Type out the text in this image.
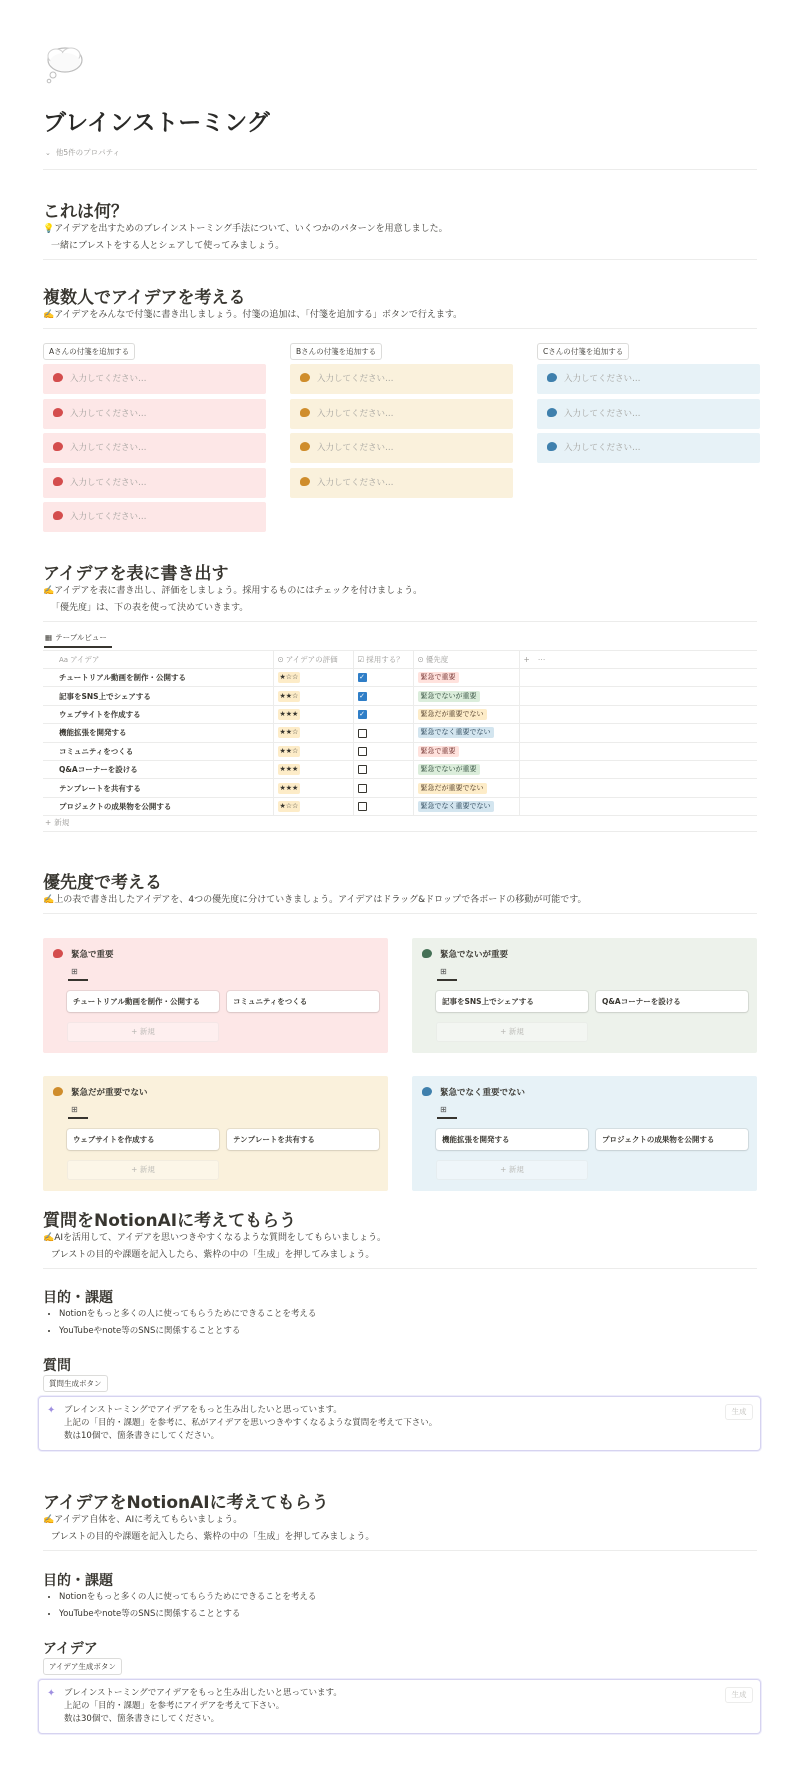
ブレインストーミング
⌄ 他5件のプロパティ
これは何？
💡アイデアを出すためのブレインストーミング手法について、いくつかのパターンを用意しました。
一緒にブレストをする人とシェアして使ってみましょう。
複数人でアイデアを考える
✍️アイデアをみんなで付箋に書き出しましょう。付箋の追加は、「付箋を追加する」ボタンで行えます。
Aさんの付箋を追加する	Bさんの付箋を追加する	Cさんの付箋を追加する
入力してください…
入力してください…
入力してください…
入力してください…
入力してください…
入力してください…
入力してください…
入力してください…
入力してください…
入力してください…
入力してください…
入力してください…
アイデアを表に書き出す
✍️アイデアを表に書き出し、評価をしましょう。採用するものにはチェックを付けましょう。
「優先度」は、下の表を使って決めていきます。
▦ テーブルビュー
Aa アイデア	⊙ アイデアの評価	☑ 採用する？	⊙ 優先度	+ ⋯
チュートリアル動画を制作・公開する	★☆☆	✓	緊急で重要	
記事をSNS上でシェアする	★★☆	✓	緊急でないが重要	
ウェブサイトを作成する	★★★	✓	緊急だが重要でない	
機能拡張を開発する	★★☆		緊急でなく重要でない	
コミュニティをつくる	★★☆		緊急で重要	
Q&Aコーナーを設ける	★★★		緊急でないが重要	
テンプレートを共有する	★★★		緊急だが重要でない	
プロジェクトの成果物を公開する	★☆☆		緊急でなく重要でない	
+ 新規
優先度で考える
✍️上の表で書き出したアイデアを、4つの優先度に分けていきましょう。アイデアはドラッグ&ドロップで各ボードの移動が可能です。
緊急で重要
⊞
チュートリアル動画を制作・公開する	コミュニティをつくる
+ 新規
緊急でないが重要
⊞
記事をSNS上でシェアする	Q&Aコーナーを設ける
+ 新規
緊急だが重要でない
⊞
ウェブサイトを作成する	テンプレートを共有する
+ 新規
緊急でなく重要でない
⊞
機能拡張を開発する	プロジェクトの成果物を公開する
+ 新規
質問をNotionAIに考えてもらう
✍️AIを活用して、アイデアを思いつきやすくなるような質問をしてもらいましょう。
ブレストの目的や課題を記入したら、紫枠の中の「生成」を押してみましょう。
目的・課題
• Notionをもっと多くの人に使ってもらうためにできることを考える
• YouTubeやnote等のSNSに関係することとする
質問
質問生成ボタン
✦ ブレインストーミングでアイデアをもっと生み出したいと思っています。
上記の「目的・課題」を参考に、私がアイデアを思いつきやすくなるような質問を考えて下さい。
数は10個で、箇条書きにしてください。
生成
アイデアをNotionAIに考えてもらう
✍️アイデア自体を、AIに考えてもらいましょう。
ブレストの目的や課題を記入したら、紫枠の中の「生成」を押してみましょう。
目的・課題
• Notionをもっと多くの人に使ってもらうためにできることを考える
• YouTubeやnote等のSNSに関係することとする
アイデア
アイデア生成ボタン
✦ ブレインストーミングでアイデアをもっと生み出したいと思っています。
上記の「目的・課題」を参考にアイデアを考えて下さい。
数は30個で、箇条書きにしてください。
生成
